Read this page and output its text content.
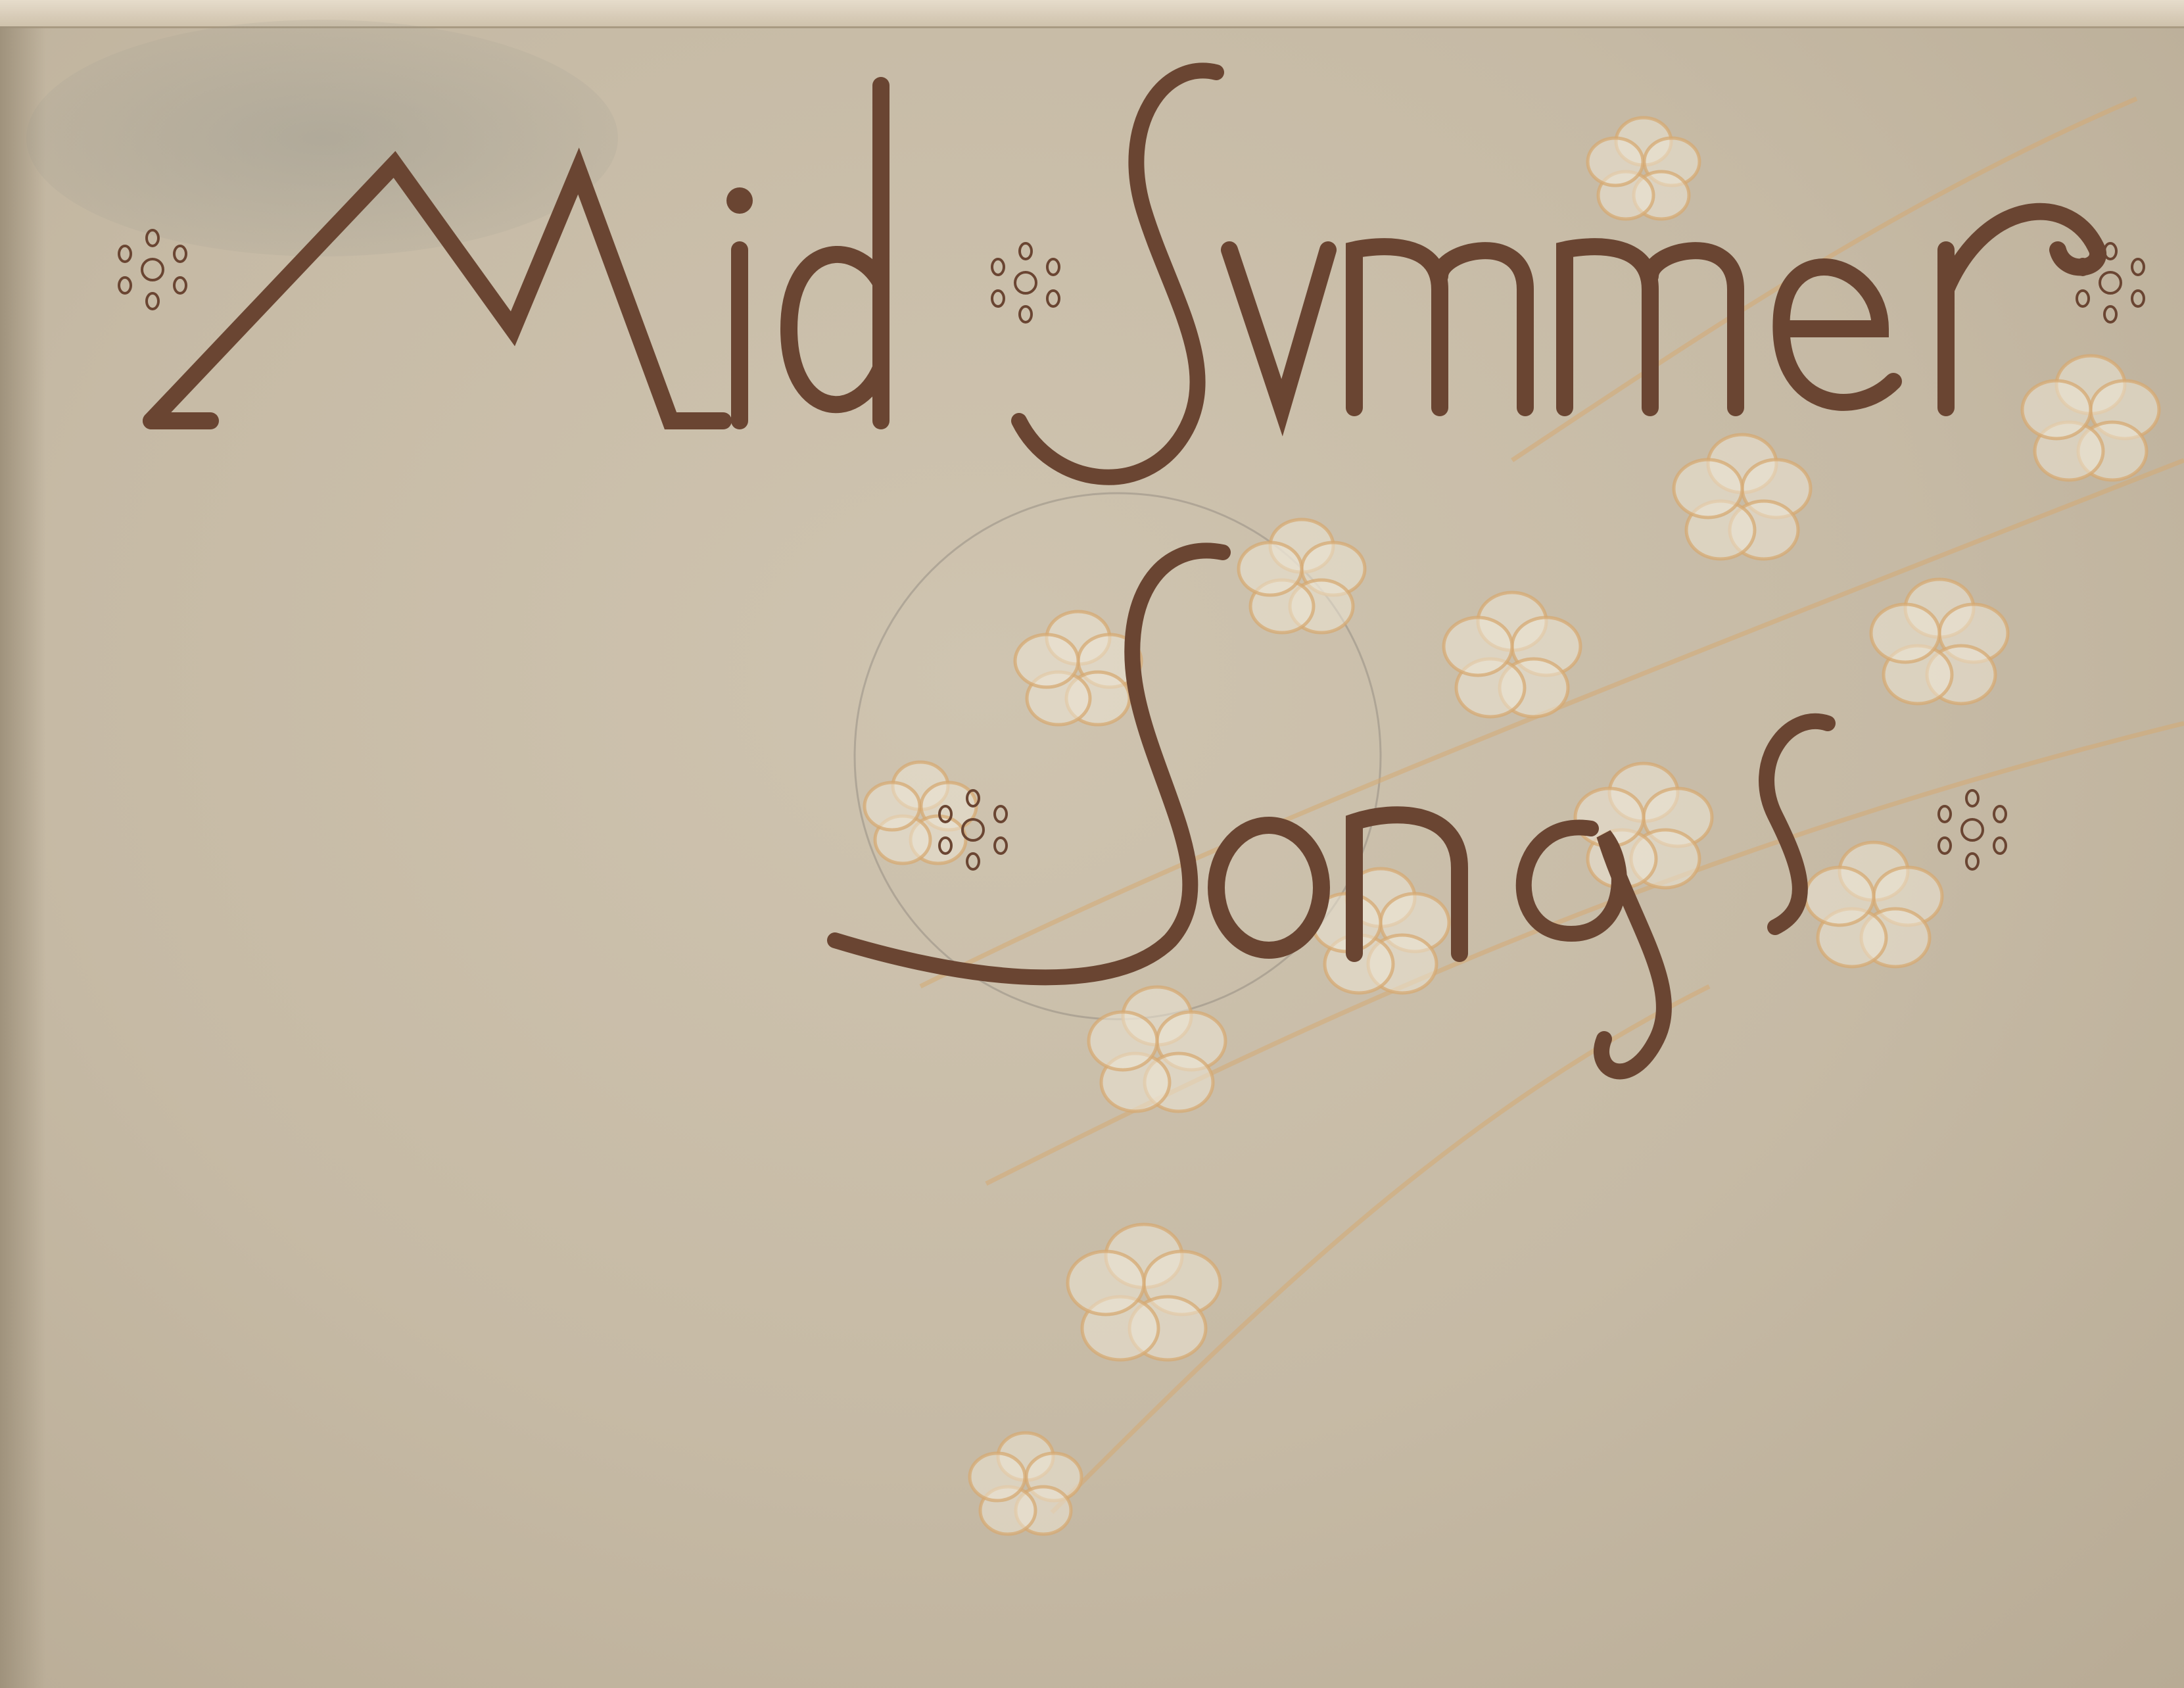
Mid Summer
Songs
